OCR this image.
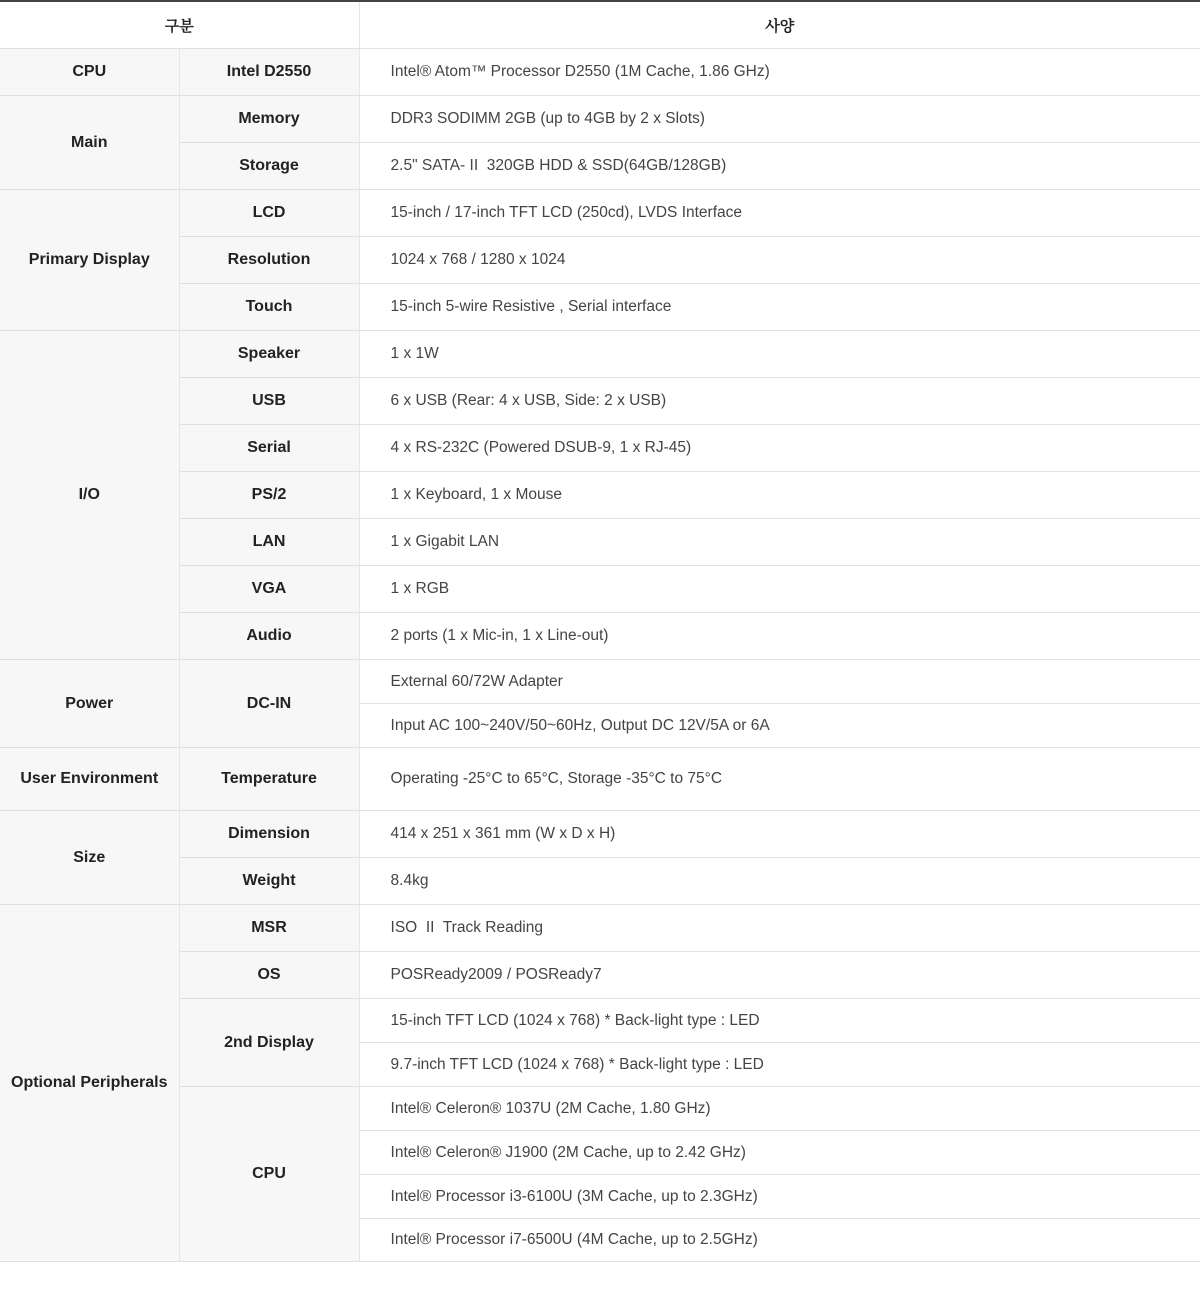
구분		사양
CPU	Intel D2550	Intel® Atom™ Processor D2550 (1M Cache, 1.86 GHz)
Main	Memory	DDR3 SODIMM 2GB (up to 4GB by 2 x Slots)
	Storage	2.5" SATA- II  320GB HDD & SSD(64GB/128GB)
Primary Display	LCD	15-inch / 17-inch TFT LCD (250cd), LVDS Interface
	Resolution	1024 x 768 / 1280 x 1024
	Touch	15-inch 5-wire Resistive , Serial interface
I/O	Speaker	1 x 1W
	USB	6 x USB (Rear: 4 x USB, Side: 2 x USB)
	Serial	4 x RS-232C (Powered DSUB-9, 1 x RJ-45)
	PS/2	1 x Keyboard, 1 x Mouse
	LAN	1 x Gigabit LAN
	VGA	1 x RGB
	Audio	2 ports (1 x Mic-in, 1 x Line-out)
Power	DC-IN	External 60/72W Adapter
		Input AC 100~240V/50~60Hz, Output DC 12V/5A or 6A
User Environment	Temperature	Operating -25°C to 65°C, Storage -35°C to 75°C
Size	Dimension	414 x 251 x 361 mm (W x D x H)
	Weight	8.4kg
Optional Peripherals	MSR	ISO  II  Track Reading
	OS	POSReady2009 / POSReady7
	2nd Display	15-inch TFT LCD (1024 x 768) * Back-light type : LED
		9.7-inch TFT LCD (1024 x 768) * Back-light type : LED
	CPU	Intel® Celeron® 1037U (2M Cache, 1.80 GHz)
		Intel® Celeron® J1900 (2M Cache, up to 2.42 GHz)
		Intel® Processor i3-6100U (3M Cache, up to 2.3GHz)
		Intel® Processor i7-6500U (4M Cache, up to 2.5GHz)
